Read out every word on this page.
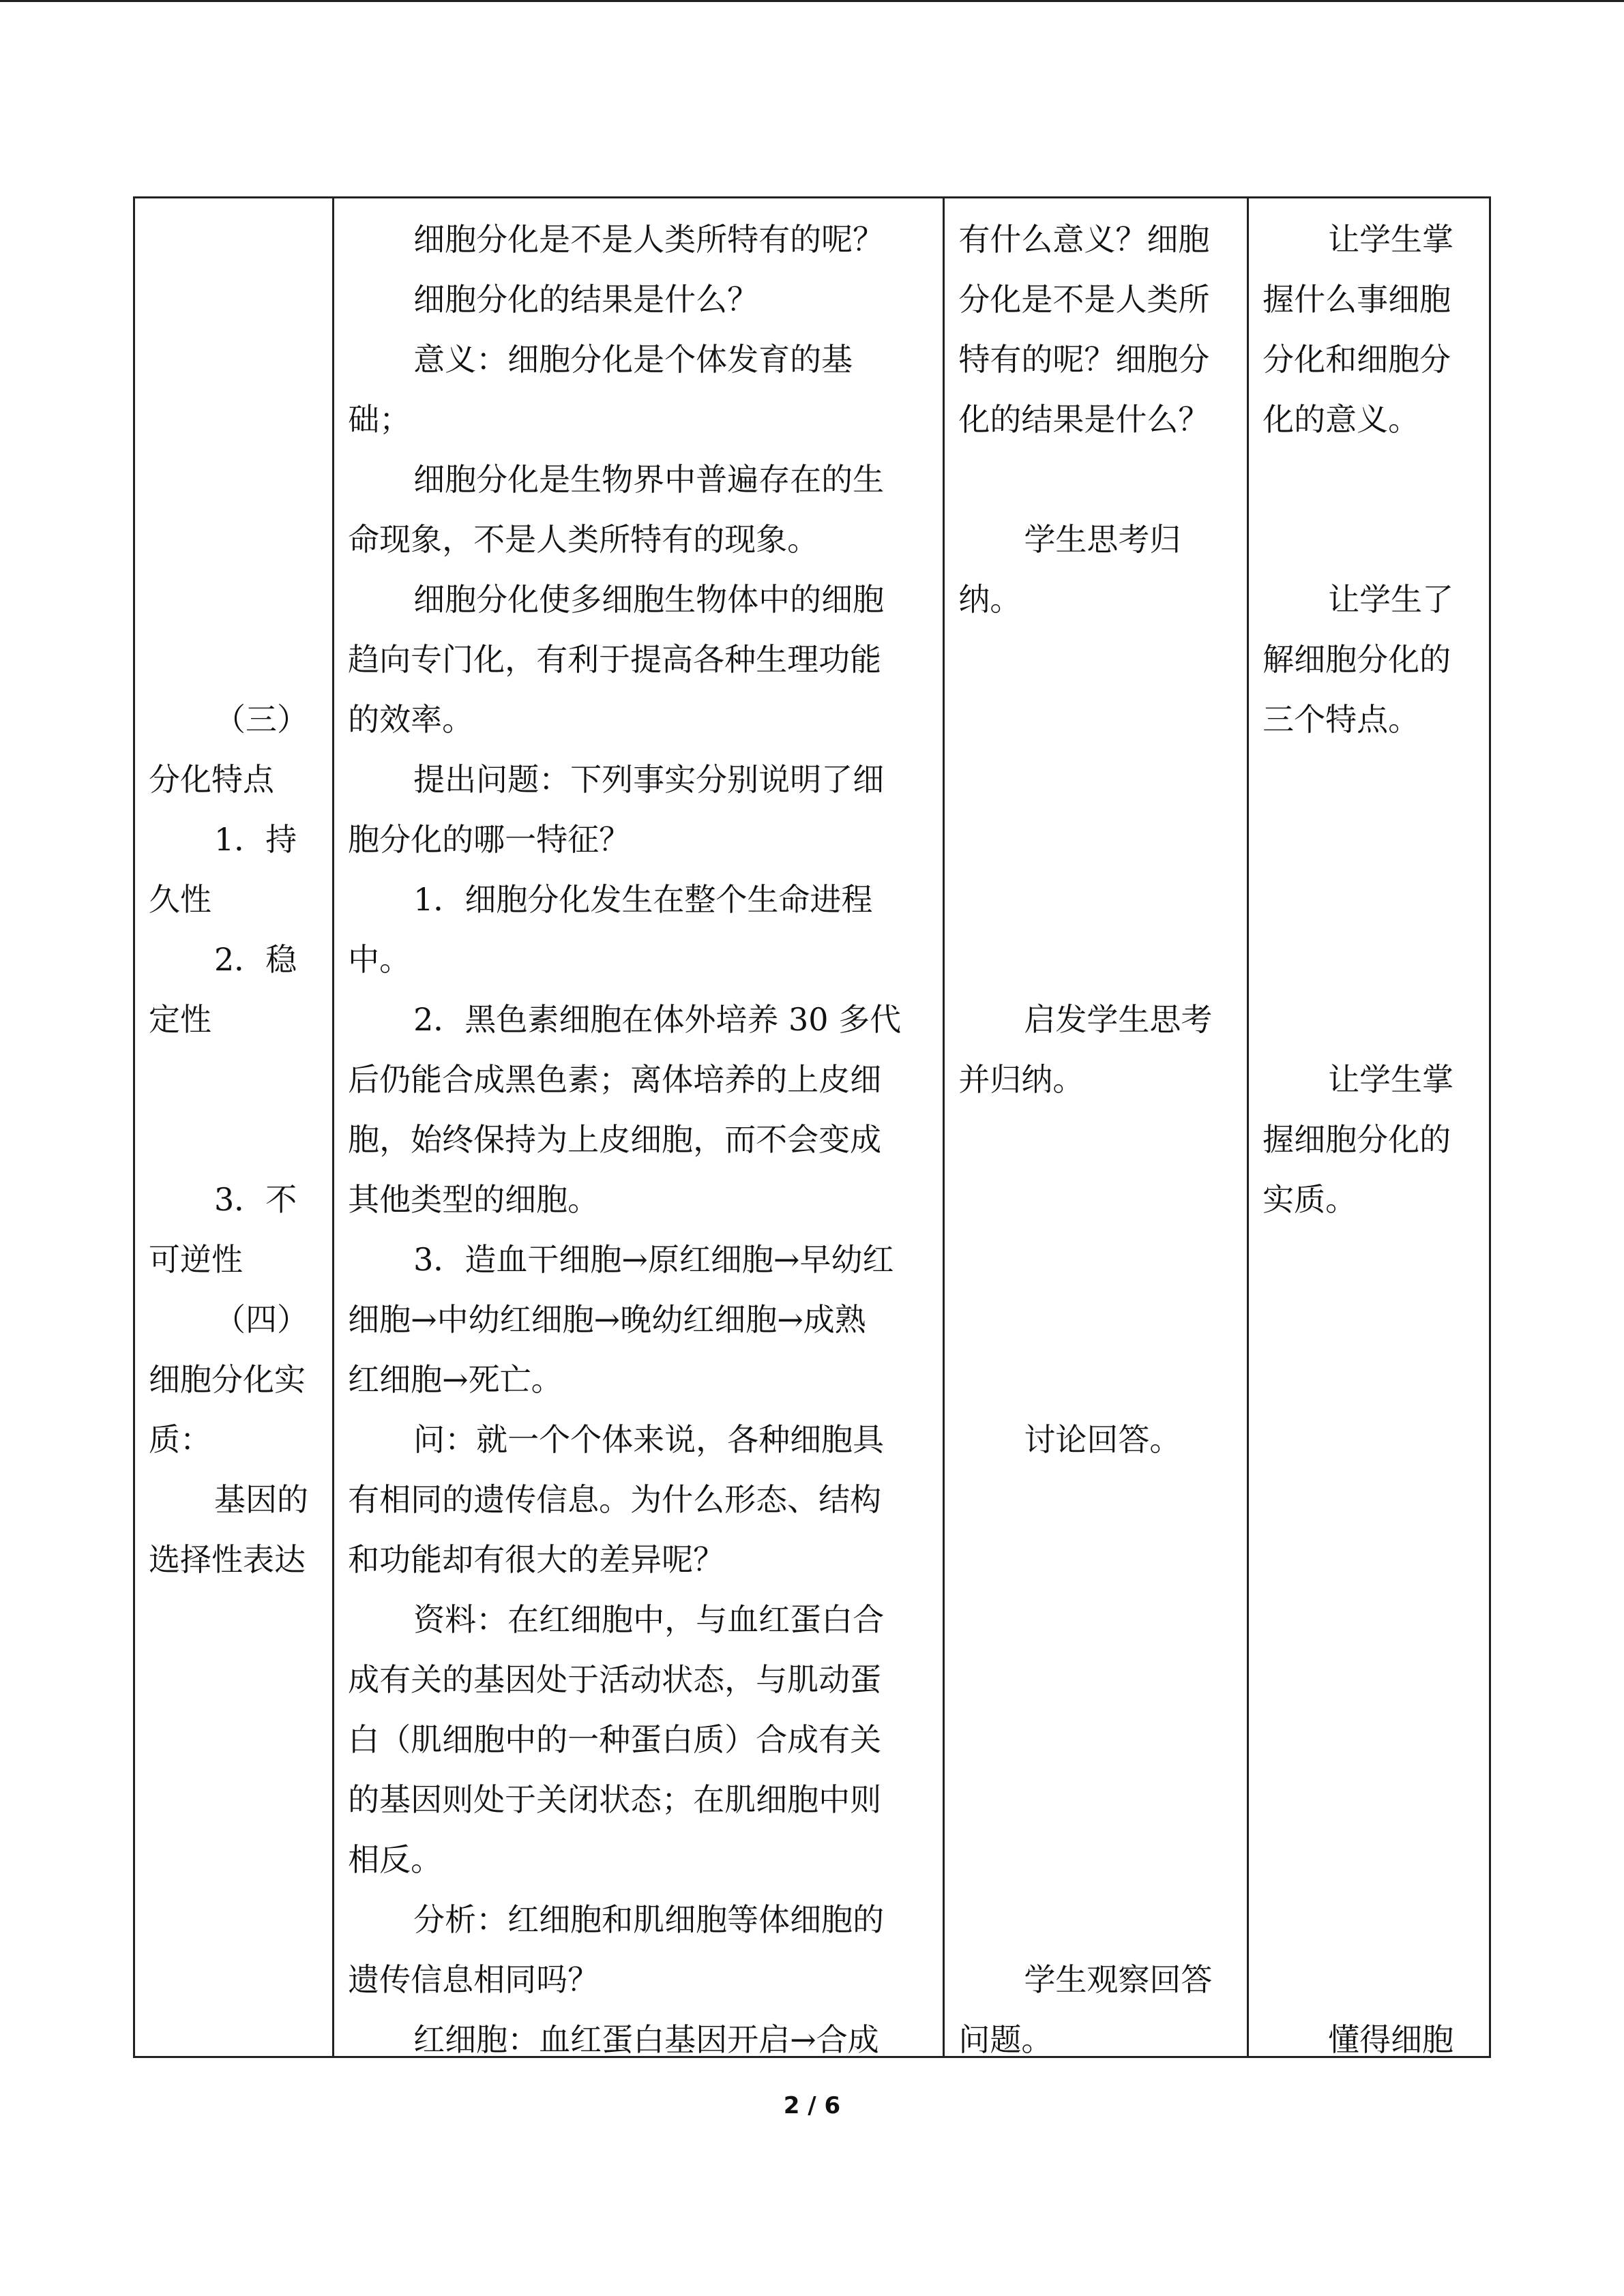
（三）
分化特点
1．持
久性
2．稳
定性
3．不
可逆性
（四）
细胞分化实
质：
基因的
选择性表达
细胞分化是不是人类所特有的呢？
细胞分化的结果是什么？
意义：细胞分化是个体发育的基
础；
细胞分化是生物界中普遍存在的生
命现象，不是人类所特有的现象。
细胞分化使多细胞生物体中的细胞
趋向专门化，有利于提高各种生理功能
的效率。
提出问题：下列事实分别说明了细
胞分化的哪一特征？
1．细胞分化发生在整个生命进程
中。
2．黑色素细胞在体外培养 30 多代
后仍能合成黑色素；离体培养的上皮细
胞，始终保持为上皮细胞，而不会变成
其他类型的细胞。
3．造血干细胞→原红细胞→早幼红
细胞→中幼红细胞→晚幼红细胞→成熟
红细胞→死亡。
问：就一个个体来说，各种细胞具
有相同的遗传信息。为什么形态、结构
和功能却有很大的差异呢？
资料：在红细胞中，与血红蛋白合
成有关的基因处于活动状态，与肌动蛋
白（肌细胞中的一种蛋白质）合成有关
的基因则处于关闭状态；在肌细胞中则
相反。
分析：红细胞和肌细胞等体细胞的
遗传信息相同吗？
红细胞：血红蛋白基因开启→合成
有什么意义？细胞
分化是不是人类所
特有的呢？细胞分
化的结果是什么？
学生思考归
纳。
启发学生思考
并归纳。
讨论回答。
学生观察回答
问题。
让学生掌
握什么事细胞
分化和细胞分
化的意义。
让学生了
解细胞分化的
三个特点。
让学生掌
握细胞分化的
实质。
懂得细胞
2 / 6
